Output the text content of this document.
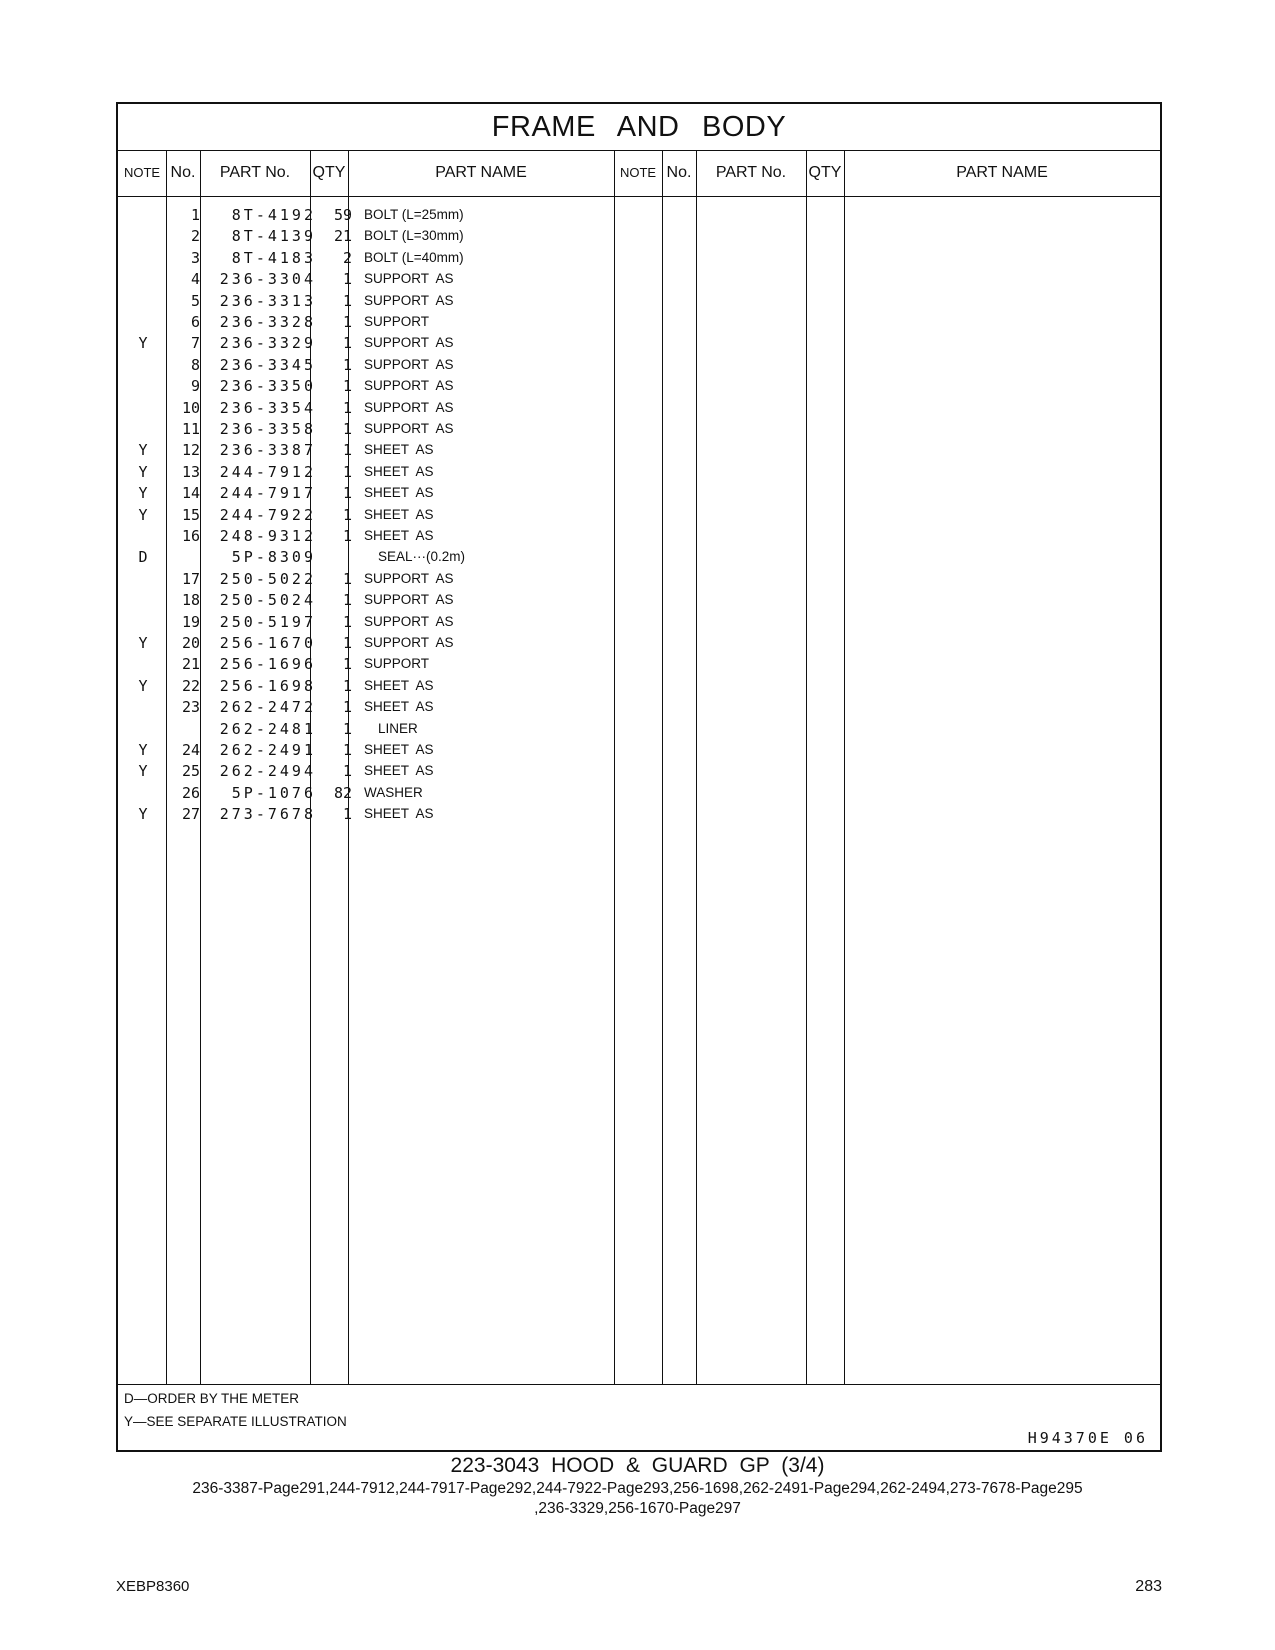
FRAME AND BODY
NOTE No.	PART No.	QTY	PART NAME	NOTE No.	PART No.	QTY	PART NAME
1	8T-4192	59 BOLT (L=25mm)
2	8T-4139	21 BOLT (L=30mm)
3	8T-4183	2 BOLT (L=40mm)
4	236-3304	1 SUPPORT  AS
5	236-3313	1 SUPPORT  AS
6	236-3328	1 SUPPORT
Y	7	236-3329	1 SUPPORT  AS
8	236-3345	1 SUPPORT  AS
9	236-3350	1 SUPPORT  AS
10	236-3354	1 SUPPORT  AS
11	236-3358	1 SUPPORT  AS
Y	12	236-3387	1 SHEET  AS
Y	13	244-7912	1 SHEET  AS
Y	14	244-7917	1 SHEET  AS
Y	15	244-7922	1 SHEET  AS
16	248-9312	1 SHEET  AS
D	5P-8309	SEAL···(0.2m)
17	250-5022	1 SUPPORT  AS
18	250-5024	1 SUPPORT  AS
19	250-5197	1 SUPPORT  AS
Y	20	256-1670	1 SUPPORT  AS
21	256-1696	1 SUPPORT
Y	22	256-1698	1 SHEET  AS
23	262-2472	1 SHEET  AS
262-2481	1 LINER
Y	24	262-2491	1 SHEET  AS
Y	25	262-2494	1 SHEET  AS
26	5P-1076	82 WASHER
Y	27	273-7678	1 SHEET  AS
D—ORDER BY THE METER
Y—SEE SEPARATE ILLUSTRATION
H94370E 06
223-3043 HOOD & GUARD GP (3/4)
236-3387-Page291,244-7912,244-7917-Page292,244-7922-Page293,256-1698,262-2491-Page294,262-2494,273-7678-Page295
,236-3329,256-1670-Page297
XEBP8360	283
